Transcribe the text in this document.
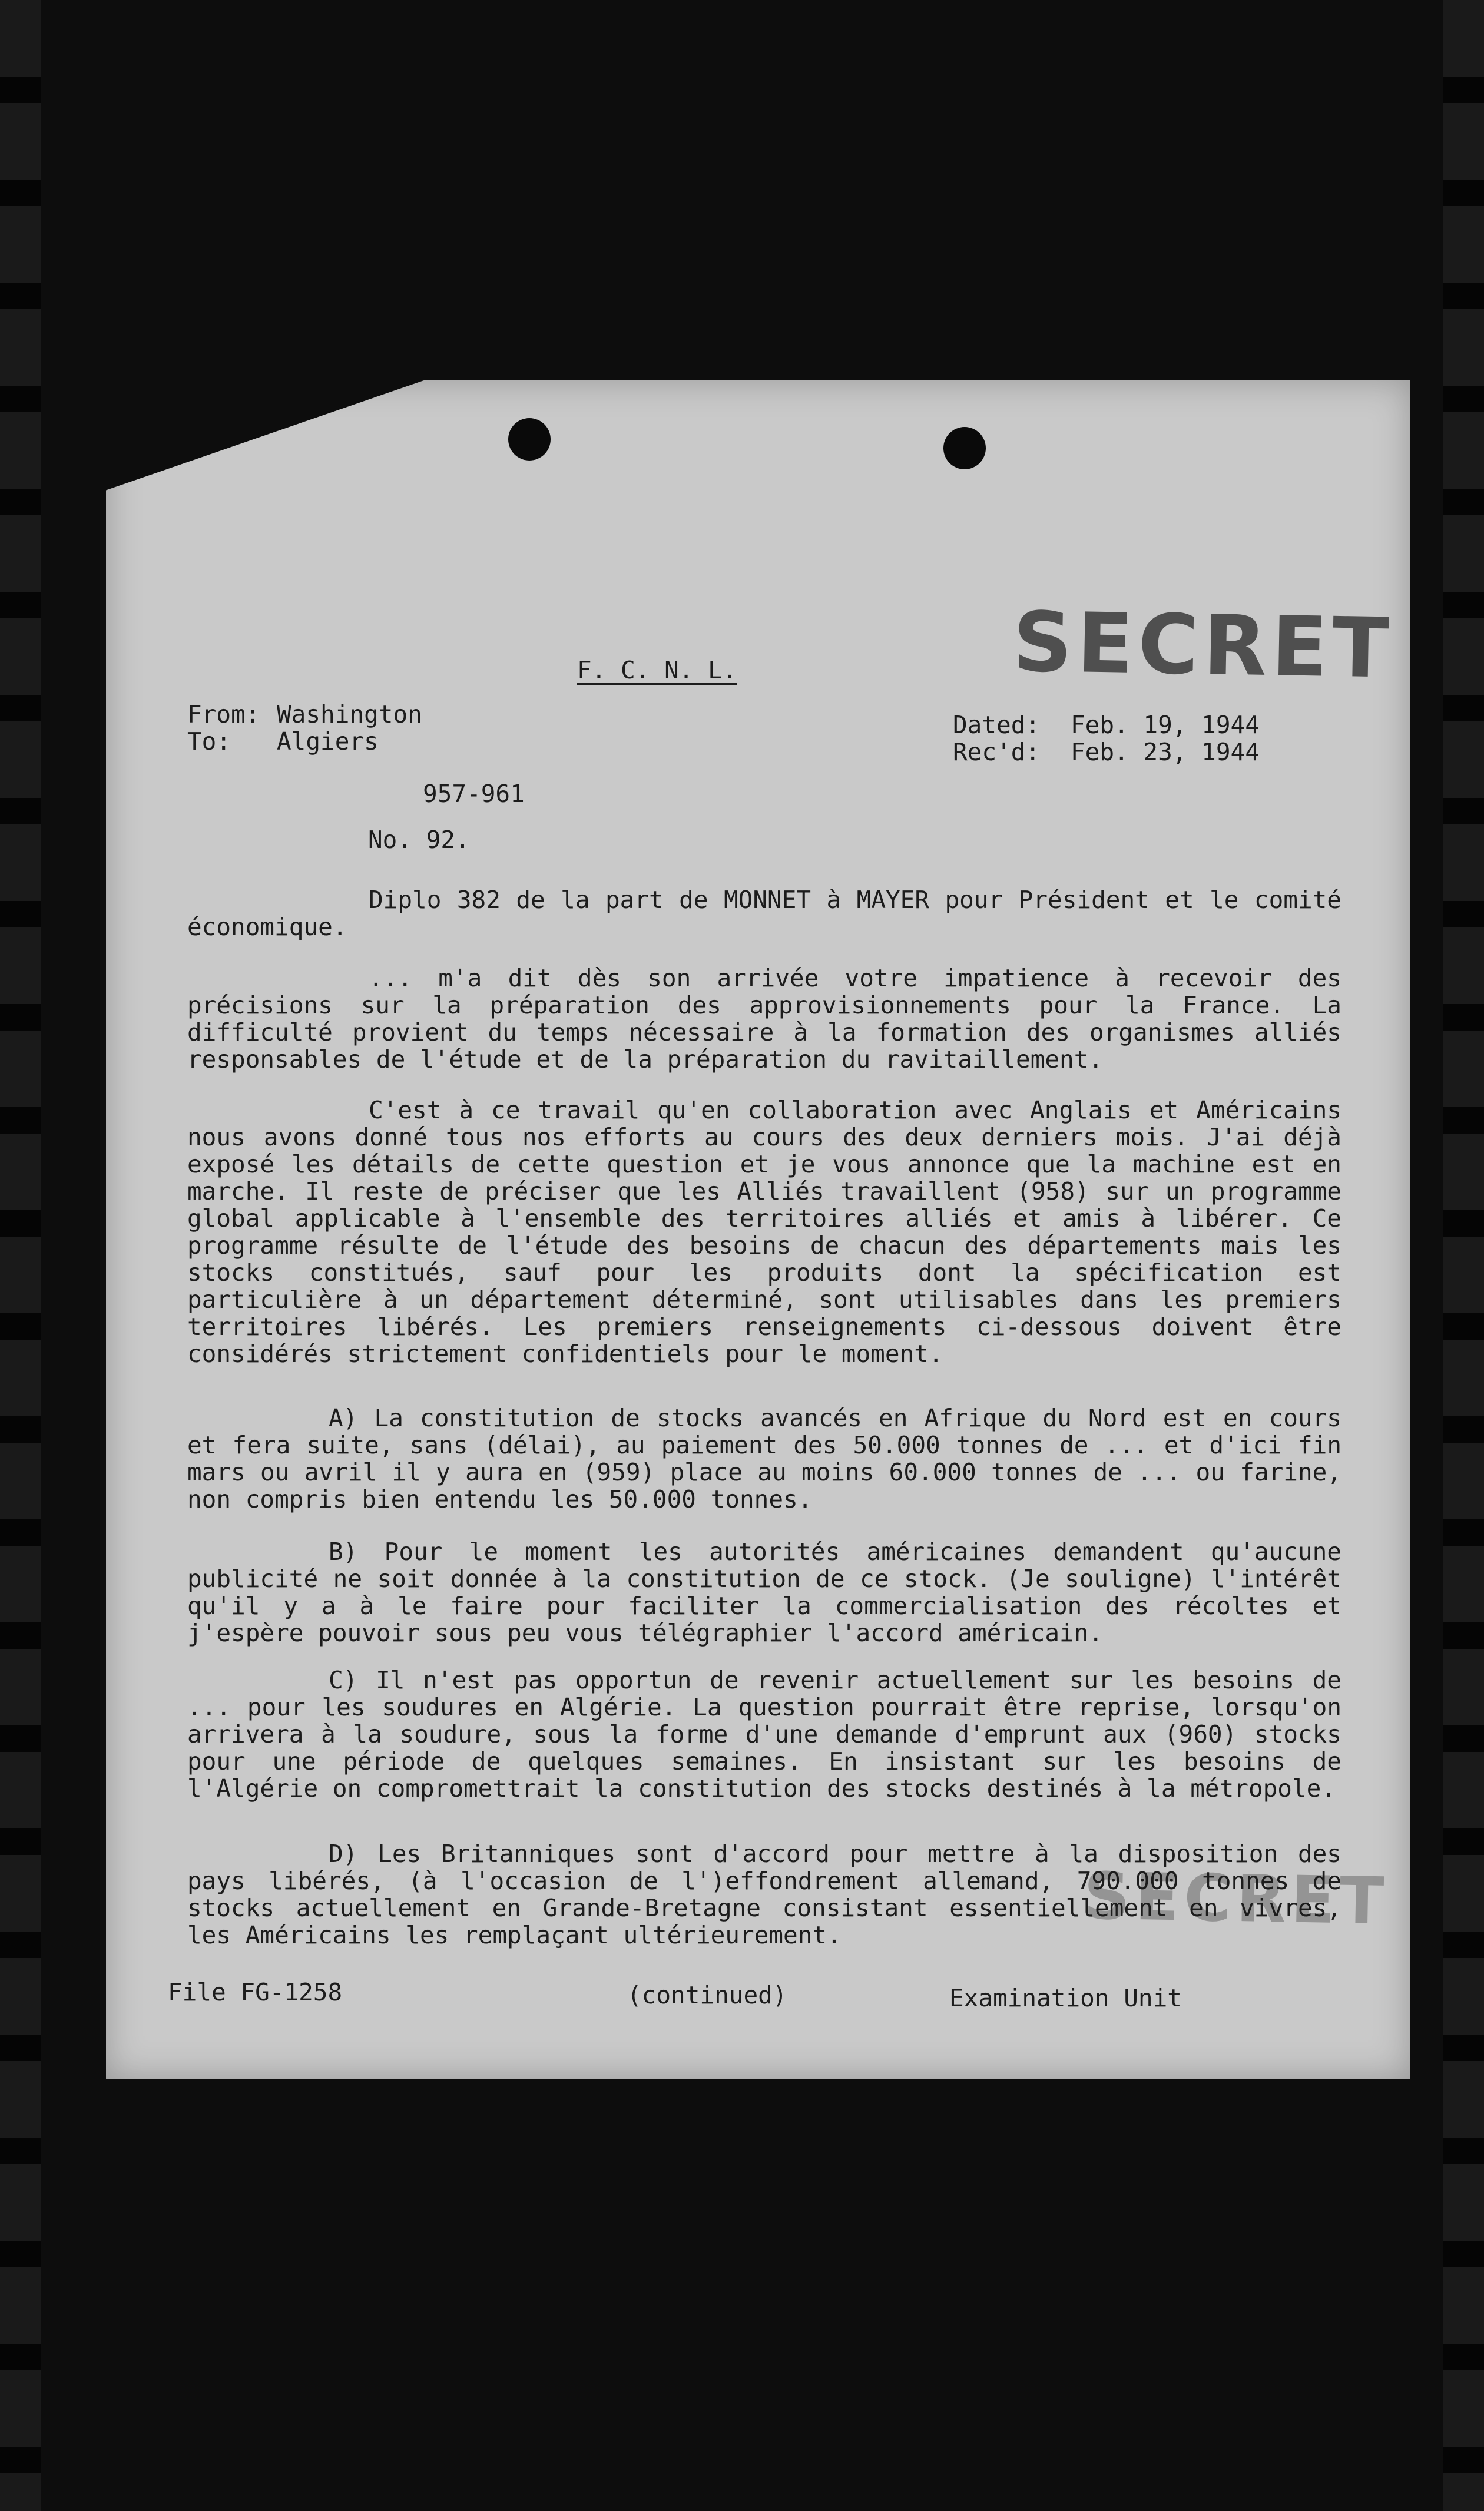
SECRET
SECRET
F. C. N. L.
From: Washington
To: Algiers
Dated: Feb. 19, 1944
Rec'd: Feb. 23, 1944
957-961
No. 92.

Diplo 382 de la part de MONNET à MAYER pour Président et le comité économique.

... m'a dit dès son arrivée votre impatience à recevoir des précisions sur la préparation des approvisionnements pour la France. La difficulté provient du temps nécessaire à la formation des organismes alliés responsables de l'étude et de la préparation du ravitaillement.

C'est à ce travail qu'en collaboration avec Anglais et Américains nous avons donné tous nos efforts au cours des deux derniers mois. J'ai déjà exposé les détails de cette question et je vous annonce que la machine est en marche. Il reste de préciser que les Alliés travaillent (958) sur un programme global applicable à l'ensemble des territoires alliés et amis à libérer. Ce programme résulte de l'étude des besoins de chacun des départements mais les stocks constitués, sauf pour les produits dont la spécification est particulière à un département déterminé, sont utilisables dans les premiers territoires libérés. Les premiers renseignements ci-dessous doivent être considérés strictement confidentiels pour le moment.

A) La constitution de stocks avancés en Afrique du Nord est en cours et fera suite, sans (délai), au paiement des 50.000 tonnes de ... et d'ici fin mars ou avril il y aura en (959) place au moins 60.000 tonnes de ... ou farine, non compris bien entendu les 50.000 tonnes.

B) Pour le moment les autorités américaines demandent qu'aucune publicité ne soit donnée à la constitution de ce stock. (Je souligne) l'intérêt qu'il y a à le faire pour faciliter la commercialisation des récoltes et j'espère pouvoir sous peu vous télégraphier l'accord américain.

C) Il n'est pas opportun de revenir actuellement sur les besoins de ... pour les soudures en Algérie. La question pourrait être reprise, lorsqu'on arrivera à la soudure, sous la forme d'une demande d'emprunt aux (960) stocks pour une période de quelques semaines. En insistant sur les besoins de l'Algérie on compromettrait la constitution des stocks destinés à la métropole.

D) Les Britanniques sont d'accord pour mettre à la disposition des pays libérés, (à l'occasion de l')effondrement allemand, 790.000 tonnes de stocks actuellement en Grande-Bretagne consistant essentiellement en vivres, les Américains les remplaçant ultérieurement.

File FG-1258	(continued)	Examination Unit
